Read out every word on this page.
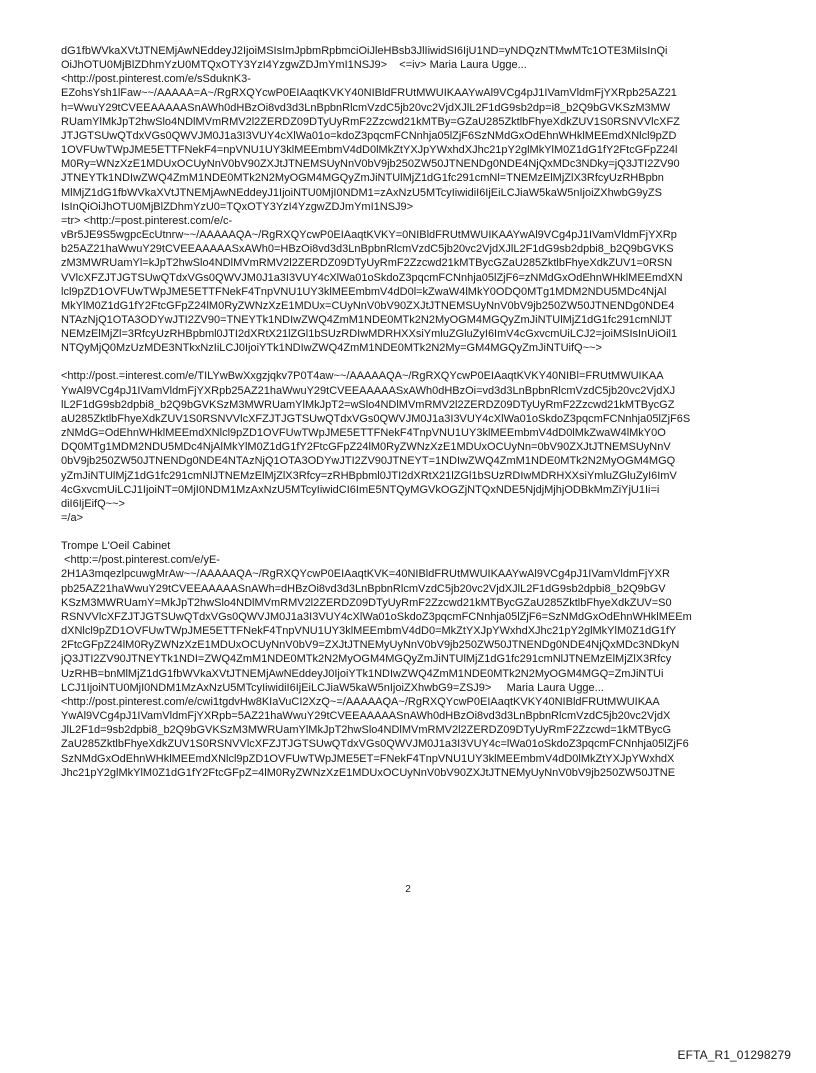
dG1fbWVkaXVtJTNEMjAwNEddeyJ2IjoiMSIsImJpbmRpbmciOiJleHBsb3JlIiwidSI6IjU1ND=yNDQzNTMwMTc1OTE3MiIsInQi
OiJhOTU0MjBlZDhmYzU0MTQxOTY3YzI4YzgwZDJmYmI1NSJ9>    <=iv> Maria Laura Ugge...
<http://post.pinterest.com/e/sSduknK3-
EZohsYsh1lFaw~~/AAAAA=A~/RgRXQYcwP0EIAaqtKVKY40NIBldFRUtMWUIKAAYwAl9VCg4pJ1IVamVldmFjYXRpb25AZ21
h=WwuY29tCVEEAAAAASnAWh0dHBzOi8vd3d3LnBpbnRlcmVzdC5jb20vc2VjdXJlL2F1dG9sb2dp=i8_b2Q9bGVKSzM3MW
RUamYlMkJpT2hwSlo4NDlMVmRMV2l2ZERDZ09DTyUyRmF2Zzcwd21kMTBy=GZaU285ZktlbFhyeXdkZUV1S0RSNVVlcXFZ
JTJGTSUwQTdxVGs0QWVJM0J1a3I3VUY4cXlWa01o=kdoZ3pqcmFCNnhja05lZjF6SzNMdGxOdEhnWHklMEEmdXNlcl9pZD
1OVFUwTWpJME5ETTFNekF4=npVNU1UY3klMEEmbmV4dD0lMkZtYXJpYWxhdXJhc21pY2glMkYlM0Z1dG1fY2FtcGFpZ24l
M0Ry=WNzXzE1MDUxOCUyNnV0bV90ZXJtJTNEMSUyNnV0bV9jb250ZW50JTNENDg0NDE4NjQxMDc3NDky=jQ3JTI2ZV90
JTNEYTk1NDIwZWQ4ZmM1NDE0MTk2N2MyOGM4MGQyZmJiNTUlMjZ1dG1fc291cmNl=TNEMzElMjZlX3RfcyUzRHBpbn
MlMjZ1dG1fbWVkaXVtJTNEMjAwNEddeyJ1IjoiNTU0MjI0NDM1=zAxNzU5MTcyIiwidiI6IjEiLCJiaW5kaW5nIjoiZXhwbG9yZS
IsInQiOiJhOTU0MjBlZDhmYzU0=TQxOTY3YzI4YzgwZDJmYmI1NSJ9>
=tr> <http:/=post.pinterest.com/e/c-
vBr5JE9S5wgpcEcUtnrw~~/AAAAAQA~/RgRXQYcwP0EIAaqtKVKY=0NIBldFRUtMWUIKAAYwAl9VCg4pJ1IVamVldmFjYXRp
b25AZ21haWwuY29tCVEEAAAAASxAWh0=HBzOi8vd3d3LnBpbnRlcmVzdC5jb20vc2VjdXJlL2F1dG9sb2dpbi8_b2Q9bGVKS
zM3MWRUamYl=kJpT2hwSlo4NDlMVmRMV2l2ZERDZ09DTyUyRmF2Zzcwd21kMTBycGZaU285ZktlbFhyeXdkZUV1=0RSN
VVlcXFZJTJGTSUwQTdxVGs0QWVJM0J1a3I3VUY4cXlWa01oSkdoZ3pqcmFCNnhja05lZjF6=zNMdGxOdEhnWHklMEEmdXN
lcl9pZD1OVFUwTWpJME5ETTFNekF4TnpVNU1UY3klMEEmbmV4dD0l=kZwaW4lMkY0ODQ0MTg1MDM2NDU5MDc4NjAl
MkYlM0Z1dG1fY2FtcGFpZ24lM0RyZWNzXzE1MDUx=CUyNnV0bV90ZXJtJTNEMSUyNnV0bV9jb250ZW50JTNENDg0NDE4
NTAzNjQ1OTA3ODYwJTI2ZV90=TNEYTk1NDIwZWQ4ZmM1NDE0MTk2N2MyOGM4MGQyZmJiNTUlMjZ1dG1fc291cmNlJT
NEMzElMjZl=3RfcyUzRHBpbml0JTI2dXRtX21lZGl1bSUzRDIwMDRHXXsiYmluZGluZyI6ImV4cGxvcmUiLCJ2=joiMSIsInUiOil1
NTQyMjQ0MzUzMDE3NTkxNzIiLCJ0IjoiYTk1NDIwZWQ4ZmM1NDE0MTk2N2My=GM4MGQyZmJiNTUifQ~~>
<http://post.=interest.com/e/TILYwBwXxgzjqkv7P0T4aw~~/AAAAAQA~/RgRXQYcwP0EIAaqtKVKY40NIBl=FRUtMWUIKAA
YwAl9VCg4pJ1IVamVldmFjYXRpb25AZ21haWwuY29tCVEEAAAAASxAWh0dHBzOi=vd3d3LnBpbnRlcmVzdC5jb20vc2VjdXJ
lL2F1dG9sb2dpbi8_b2Q9bGVKSzM3MWRUamYlMkJpT2=wSlo4NDlMVmRMV2l2ZERDZ09DTyUyRmF2Zzcwd21kMTBycGZ
aU285ZktlbFhyeXdkZUV1S0RSNVVlcXFZJTJGTSUwQTdxVGs0QWVJM0J1a3I3VUY4cXlWa01oSkdoZ3pqcmFCNnhja05lZjF6S
zNMdG=OdEhnWHklMEEmdXNlcl9pZD1OVFUwTWpJME5ETTFNekF4TnpVNU1UY3klMEEmbmV4dD0lMkZwaW4lMkY0O
DQ0MTg1MDM2NDU5MDc4NjAlMkYlM0Z1dG1fY2FtcGFpZ24lM0RyZWNzXzE1MDUxOCUyNn=0bV90ZXJtJTNEMSUyNnV
0bV9jb250ZW50JTNENDg0NDE4NTAzNjQ1OTA3ODYwJTI2ZV90JTNEYT=1NDIwZWQ4ZmM1NDE0MTk2N2MyOGM4MGQ
yZmJiNTUlMjZ1dG1fc291cmNlJTNEMzElMjZlX3Rfcy=zRHBpbml0JTI2dXRtX21lZGl1bSUzRDIwMDRHXXsiYmluZGluZyI6ImV
4cGxvcmUiLCJ1IjoiNT=0MjI0NDM1MzAxNzU5MTcyIiwidCI6ImE5NTQyMGVkOGZjNTQxNDE5NjdjMjhjODBkMmZiYjU1Ii=i
diI6IjEifQ~~>
=/a>
Trompe L'Oeil Cabinet
<http:=/post.pinterest.com/e/yE-
2H1A3mqezlpcuwgMrAw~~/AAAAAQA~/RgRXQYcwP0EIAaqtKVK=40NIBldFRUtMWUIKAAYwAl9VCg4pJ1IVamVldmFjYXR
pb25AZ21haWwuY29tCVEEAAAAASnAWh=dHBzOi8vd3d3LnBpbnRlcmVzdC5jb20vc2VjdXJlL2F1dG9sb2dpbi8_b2Q9bGV
KSzM3MWRUamY=MkJpT2hwSlo4NDlMVmRMV2l2ZERDZ09DTyUyRmF2Zzcwd21kMTBycGZaU285ZktlbFhyeXdkZUV=S0
RSNVVlcXFZJTJGTSUwQTdxVGs0QWVJM0J1a3I3VUY4cXlWa01oSkdoZ3pqcmFCNnhja05lZjF6=SzNMdGxOdEhnWHklMEEm
dXNlcl9pZD1OVFUwTWpJME5ETTFNekF4TnpVNU1UY3klMEEmbmV4dD0=MkZtYXJpYWxhdXJhc21pY2glMkYlM0Z1dG1fY
2FtcGFpZ24lM0RyZWNzXzE1MDUxOCUyNnV0bV9=ZXJtJTNEMyUyNnV0bV9jb250ZW50JTNENDg0NDE4NjQxMDc3NDkyN
jQ3JTI2ZV90JTNEYTk1NDI=ZWQ4ZmM1NDE0MTk2N2MyOGM4MGQyZmJiNTUlMjZ1dG1fc291cmNlJTNEMzElMjZlX3Rfcy
UzRHB=bnMlMjZ1dG1fbWVkaXVtJTNEMjAwNEddeyJ0IjoiYTk1NDIwZWQ4ZmM1NDE0MTk2N2MyOGM4MGQ=ZmJiNTUi
LCJ1IjoiNTU0MjI0NDM1MzAxNzU5MTcyIiwidiI6IjEiLCJiaW5kaW5nIjoiZXhwbG9=ZSJ9>     Maria Laura Ugge...
<http://post.pinterest.com/e/cwi1tgdvHw8KIaVuCI2XzQ~=/AAAAAQA~/RgRXQYcwP0EIAaqtKVKY40NIBldFRUtMWUIKAA
YwAl9VCg4pJ1IVamVldmFjYXRpb=5AZ21haWwuY29tCVEEAAAAASnAWh0dHBzOi8vd3d3LnBpbnRlcmVzdC5jb20vc2VjdX
JlL2F1d=9sb2dpbi8_b2Q9bGVKSzM3MWRUamYlMkJpT2hwSlo4NDlMVmRMV2l2ZERDZ09DTyUyRmF2Zzcwd=1kMTBycG
ZaU285ZktlbFhyeXdkZUV1S0RSNVVlcXFZJTJGTSUwQTdxVGs0QWVJM0J1a3I3VUY4c=lWa01oSkdoZ3pqcmFCNnhja05lZjF6
SzNMdGxOdEhnWHklMEEmdXNlcl9pZD1OVFUwTWpJME5ET=FNekF4TnpVNU1UY3klMEEmbmV4dD0lMkZtYXJpYWxhdX
Jhc21pY2glMkYlM0Z1dG1fY2FtcGFpZ=4lM0RyZWNzXzE1MDUxOCUyNnV0bV90ZXJtJTNEMyUyNnV0bV9jb250ZW50JTNE
2
EFTA_R1_01298279
